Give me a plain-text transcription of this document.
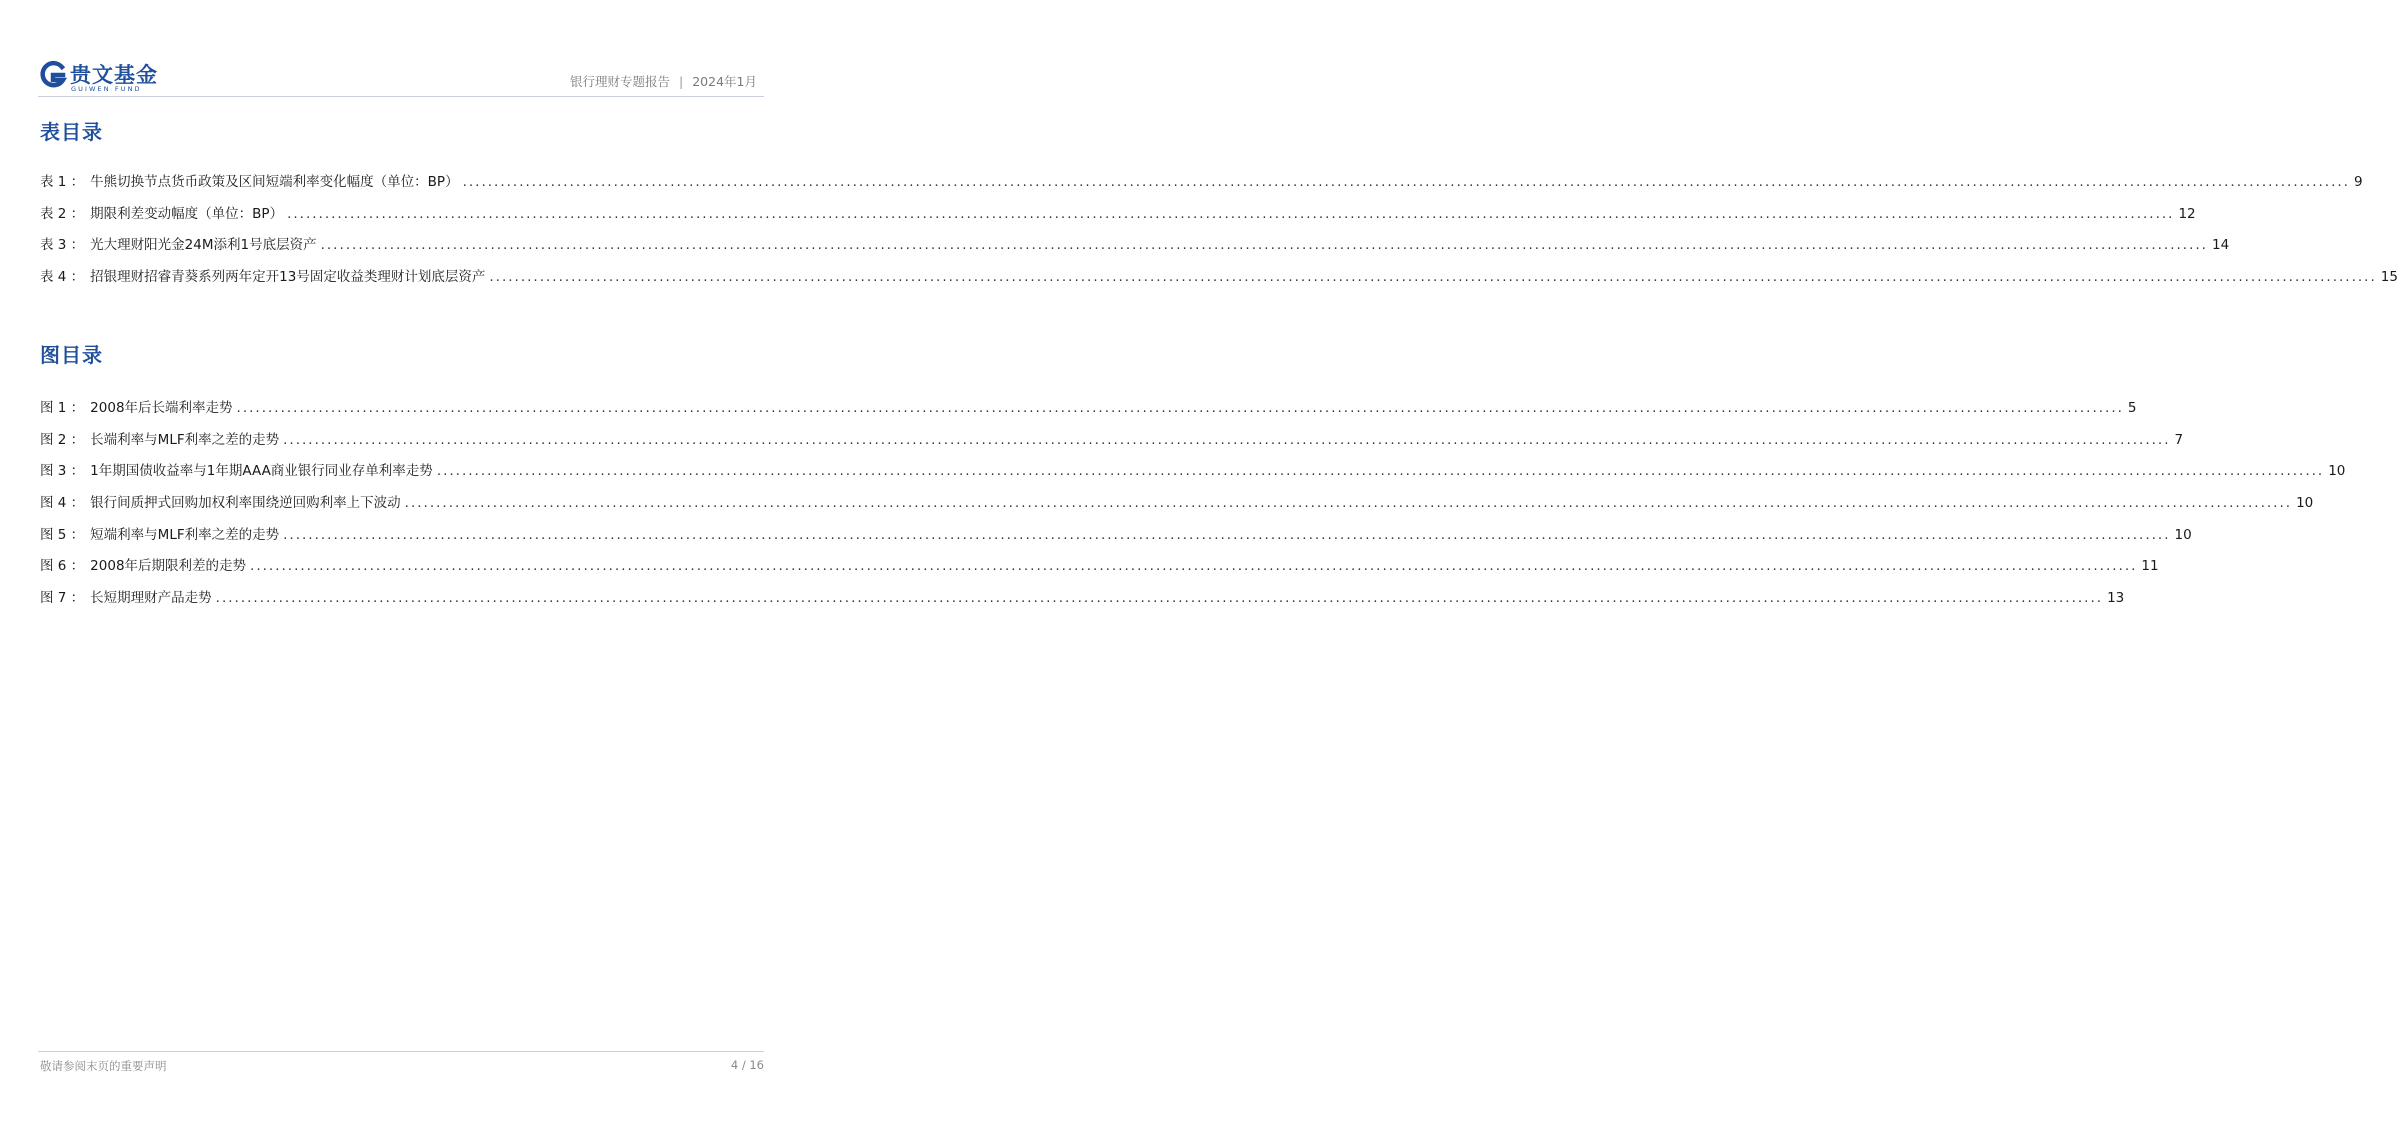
贵文基金
GUIWEN FUND	银行理财专题报告 | 2024年1月
表目录
表 1 ： 牛熊切换节点货币政策及区间短端利率变化幅度（单位：BP） ............................................................................................................................................................................................................................................................................................................ 9
表 2 ： 期限利差变动幅度（单位：BP） ............................................................................................................................................................................................................................................................................................................ 12
表 3 ： 光大理财阳光金24M添利1号底层资产 ............................................................................................................................................................................................................................................................................................................ 14
表 4 ： 招银理财招睿青葵系列两年定开13号固定收益类理财计划底层资产 ............................................................................................................................................................................................................................................................................................................ 15
图目录
图 1 ： 2008年后长端利率走势 ............................................................................................................................................................................................................................................................................................................ 5
图 2 ： 长端利率与MLF利率之差的走势 ............................................................................................................................................................................................................................................................................................................ 7
图 3 ： 1年期国债收益率与1年期AAA商业银行同业存单利率走势 ............................................................................................................................................................................................................................................................................................................ 10
图 4 ： 银行间质押式回购加权利率围绕逆回购利率上下波动 ............................................................................................................................................................................................................................................................................................................ 10
图 5 ： 短端利率与MLF利率之差的走势 ............................................................................................................................................................................................................................................................................................................ 10
图 6 ： 2008年后期限利差的走势 ............................................................................................................................................................................................................................................................................................................ 11
图 7 ： 长短期理财产品走势 ............................................................................................................................................................................................................................................................................................................ 13
敬请参阅末页的重要声明	4 / 16
